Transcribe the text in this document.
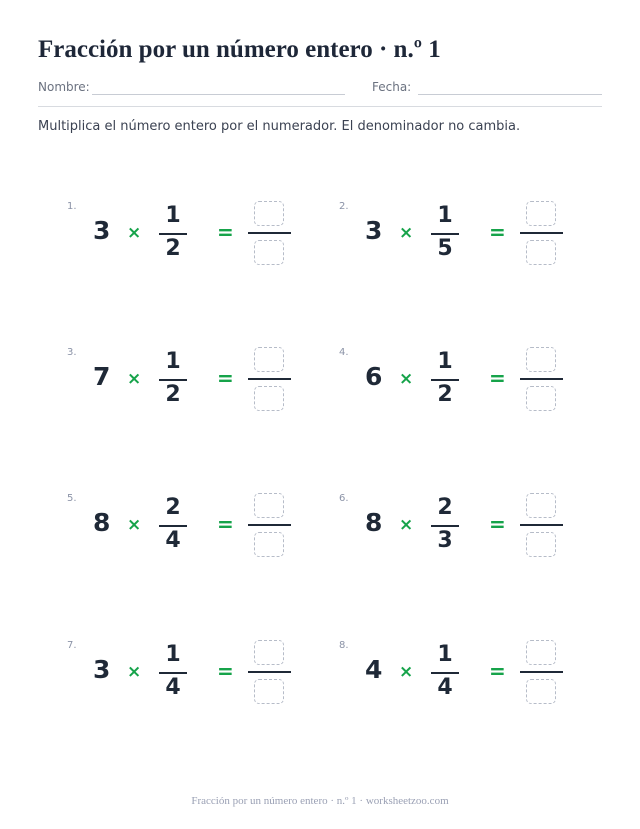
Fracción por un número entero · n.º 1
Nombre:	Fecha:

Multiplica el número entero por el numerador. El denominador no cambia.

1.
3 ×
1
2
=
2.
3 ×
1
5
=
3.
7 ×
1
2
=
4.
6 ×
1
2
=
5.
8 ×
2
4
=
6.
8 ×
2
3
=
7.
3 ×
1
4
=
8.
4 ×
1
4
=
Fracción por un número entero · n.º 1 · worksheetzoo.com
